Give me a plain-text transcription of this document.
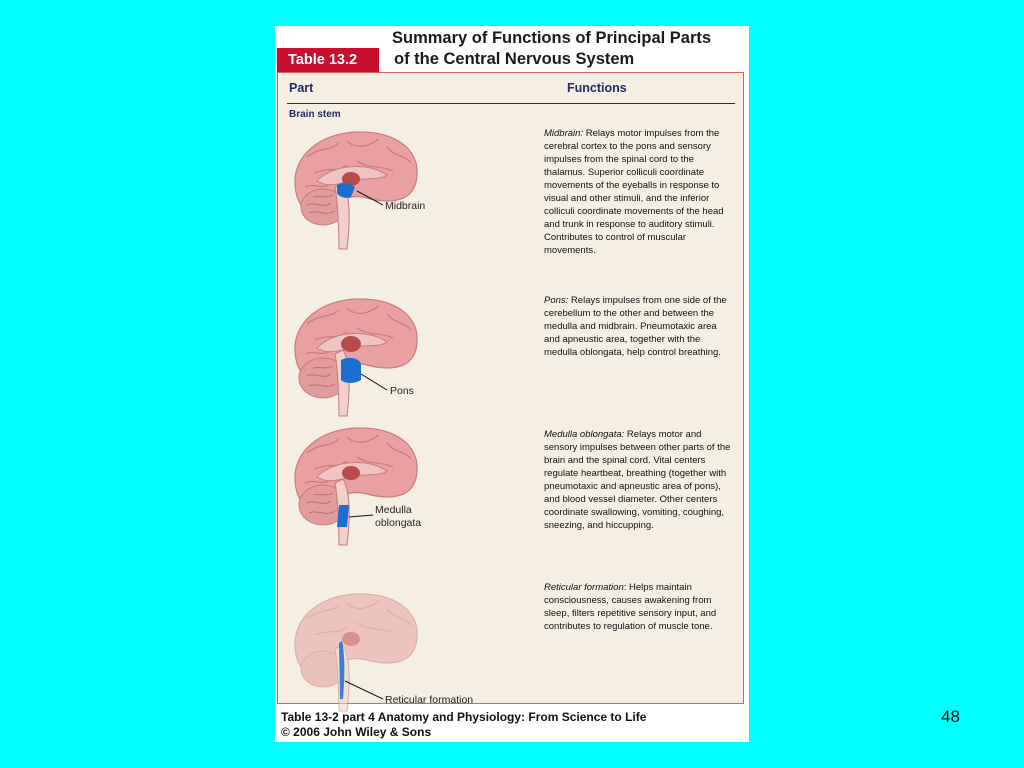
Summary of Functions of Principal Parts
Table 13.2	of the Central Nervous System
Part	Functions
Brain stem
Midbrain
Midbrain: Relays motor impulses from the cerebral cortex to the pons and sensory impulses from the spinal cord to the thalamus. Superior colliculi coordinate movements of the eyeballs in response to visual and other stimuli, and the inferior colliculi coordinate movements of the head and trunk in response to auditory stimuli. Contributes to control of muscular movements.
Pons
Pons: Relays impulses from one side of the cerebellum to the other and between the medulla and midbrain. Pneumotaxic area and apneustic area, together with the medulla oblongata, help control breathing.
Medulla
oblongata
Medulla oblongata: Relays motor and sensory impulses between other parts of the brain and the spinal cord. Vital centers regulate heartbeat, breathing (together with pneumotaxic and apneustic area of pons), and blood vessel diameter. Other centers coordinate swallowing, vomiting, coughing, sneezing, and hiccupping.
Reticular formation
Reticular formation: Helps maintain consciousness, causes awakening from sleep, filters repetitive sensory input, and contributes to regulation of muscle tone.
Table 13-2 part 4 Anatomy and Physiology: From Science to Life
© 2006 John Wiley & Sons
48
